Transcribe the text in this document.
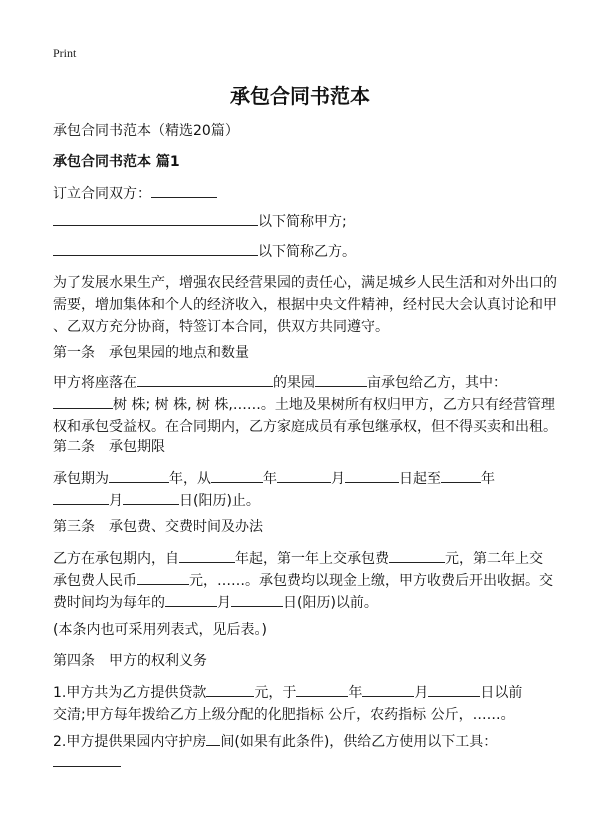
Print
承包合同书范本
承包合同书范本（精选20篇）
承包合同书范本 篇1
订立合同双方：
以下简称甲方;
以下简称乙方。
为了发展水果生产，增强农民经营果园的责任心，满足城乡人民生活和对外出口的
需要，增加集体和个人的经济收入，根据中央文件精神，经村民大会认真讨论和甲
、乙双方充分协商，特签订本合同，供双方共同遵守。
第一条　承包果园的地点和数量
甲方将座落在	的果园	亩承包给乙方，其中：
树 株; 树 株, 树 株,……。土地及果树所有权归甲方，乙方只有经营管理
权和承包受益权。在合同期内，乙方家庭成员有承包继承权，但不得买卖和出租。
第二条　承包期限
承包期为	年，从	年	月	日起至	年
月	日(阳历)止。
第三条　承包费、交费时间及办法
乙方在承包期内，自	年起，第一年上交承包费	元，第二年上交
承包费人民币	元，……。承包费均以现金上缴，甲方收费后开出收据。交
费时间均为每年的	月	日(阳历)以前。
(本条内也可采用列表式，见后表。)
第四条　甲方的权利义务
1.甲方共为乙方提供贷款	元，于	年	月	日以前
交清;甲方每年拨给乙方上级分配的化肥指标 公斤，农药指标 公斤，……。
2.甲方提供果园内守护房 间(如果有此条件)，供给乙方使用以下工具：
